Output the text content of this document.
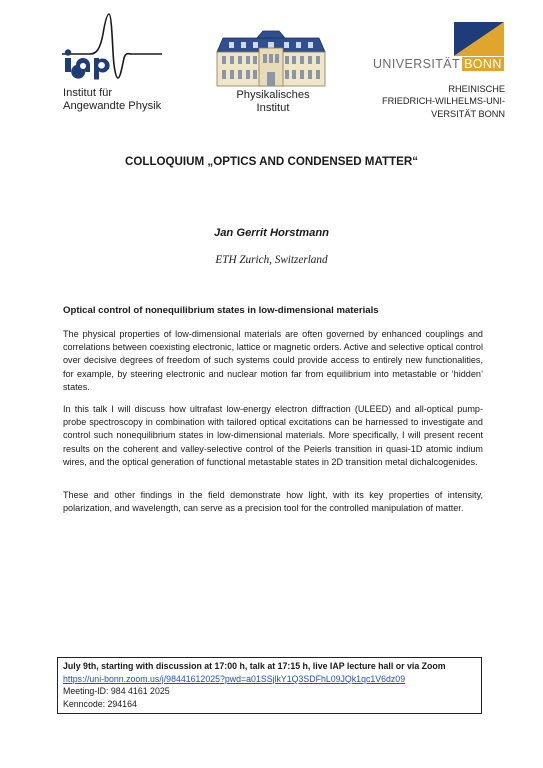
iap
Institut für
Angewandte Physik
Physikalisches
Institut
UNIVERSITÄT BONN
RHEINISCHE
FRIEDRICH-WILHELMS-UNI-
VERSITÄT BONN
COLLOQUIUM „OPTICS AND CONDENSED MATTER“
Jan Gerrit Horstmann
ETH Zurich, Switzerland
Optical control of nonequilibrium states in low-dimensional materials
The physical properties of low-dimensional materials are often governed by enhanced couplings and correlations between coexisting electronic, lattice or magnetic orders. Active and selective optical control over decisive degrees of freedom of such systems could provide access to entirely new functionalities, for example, by steering electronic and nuclear motion far from equilibrium into metastable or ‘hidden’ states.
In this talk I will discuss how ultrafast low-energy electron diffraction (ULEED) and all-optical pump-probe spectroscopy in combination with tailored optical excitations can be harnessed to investigate and control such nonequilibrium states in low-dimensional materials. More specifically, I will present recent results on the coherent and valley-selective control of the Peierls transition in quasi-1D atomic indium wires, and the optical generation of functional metastable states in 2D transition metal dichalcogenides.
These and other findings in the field demonstrate how light, with its key properties of intensity, polarization, and wavelength, can serve as a precision tool for the controlled manipulation of matter.
July 9th, starting with discussion at 17:00 h, talk at 17:15 h, live IAP lecture hall or via Zoom
https://uni-bonn.zoom.us/j/98441612025?pwd=a01SSjlkY1Q3SDFhL09JQk1qc1V6dz09
Meeting-ID: 984 4161 2025
Kenncode: 294164
